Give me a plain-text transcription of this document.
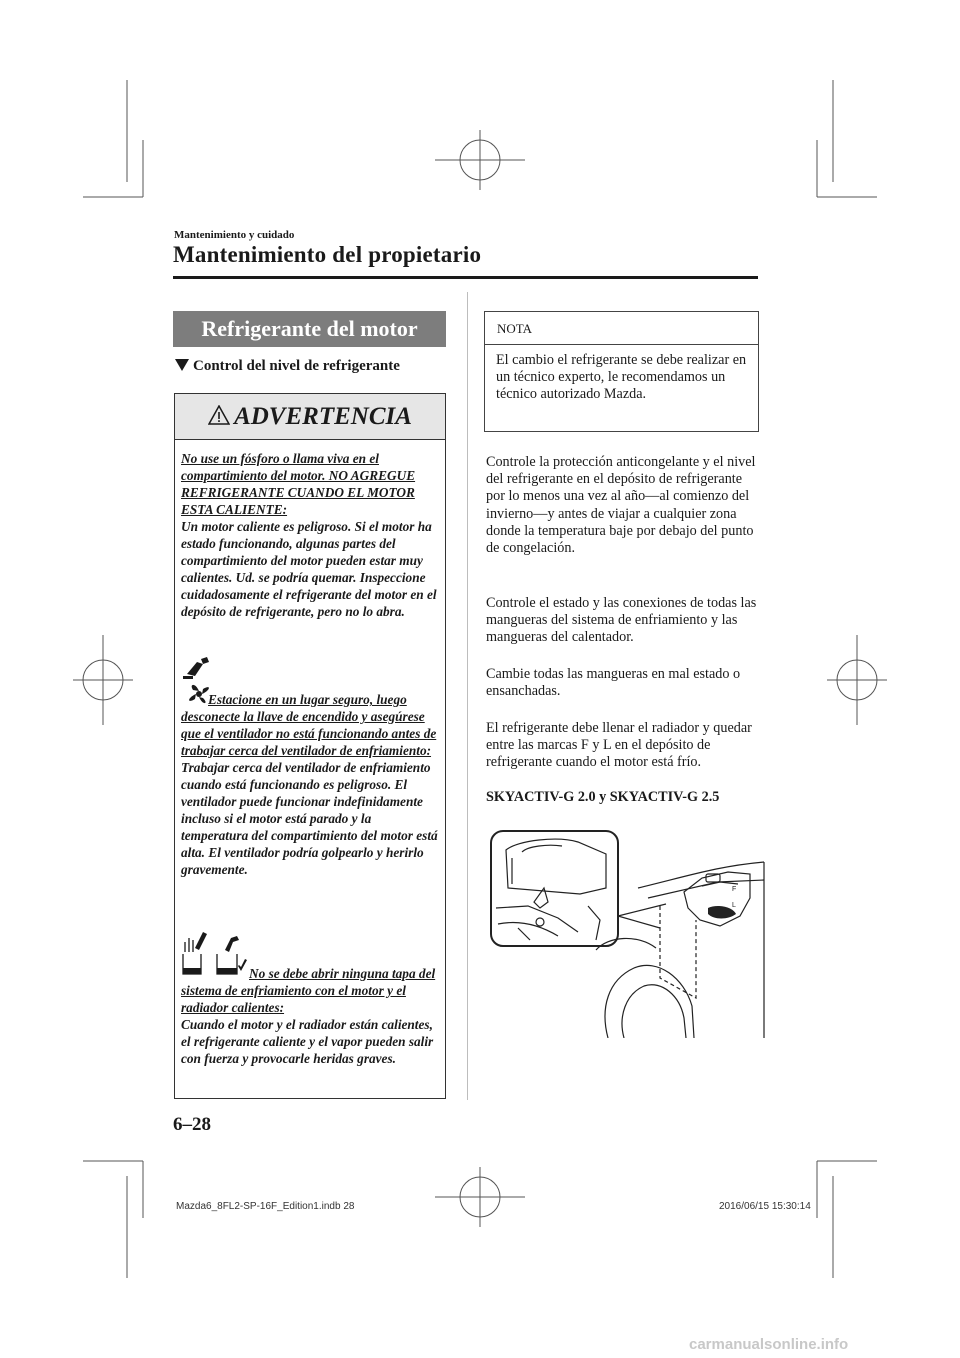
Mantenimiento y cuidado
Mantenimiento del propietario
Refrigerante del motor
Control del nivel de refrigerante
ADVERTENCIA
No use un fósforo o llama viva en el compartimiento del motor. NO AGREGUE REFRIGERANTE CUANDO EL MOTOR ESTA CALIENTE:
Un motor caliente es peligroso. Si el motor ha estado funcionando, algunas partes del compartimiento del motor pueden estar muy calientes. Ud. se podría quemar. Inspeccione cuidadosamente el refrigerante del motor en el depósito de refrigerante, pero no lo abra.
Estacione en un lugar seguro, luego desconecte la llave de encendido y asegúrese que el ventilador no está funcionando antes de trabajar cerca del ventilador de enfriamiento:
Trabajar cerca del ventilador de enfriamiento cuando está funcionando es peligroso. El ventilador puede funcionar indefinidamente incluso si el motor está parado y la temperatura del compartimiento del motor está alta. El ventilador podría golpearlo y herirlo gravemente.
No se debe abrir ninguna tapa del sistema de enfriamiento con el motor y el radiador calientes:
Cuando el motor y el radiador están calientes, el refrigerante caliente y el vapor pueden salir con fuerza y provocarle heridas graves.
NOTA
El cambio el refrigerante se debe realizar en un técnico experto, le recomendamos un técnico autorizado Mazda.
Controle la protección anticongelante y el nivel del refrigerante en el depósito de refrigerante por lo menos una vez al año—al comienzo del invierno—y antes de viajar a cualquier zona donde la temperatura baje por debajo del punto de congelación.
Controle el estado y las conexiones de todas las mangueras del sistema de enfriamiento y las mangueras del calentador.
Cambie todas las mangueras en mal estado o ensanchadas.
El refrigerante debe llenar el radiador y quedar entre las marcas F y L en el depósito de refrigerante cuando el motor está frío.
SKYACTIV-G 2.0 y SKYACTIV-G 2.5
F
L
6–28
Mazda6_8FL2-SP-16F_Edition1.indb 28	2016/06/15 15:30:14
carmanualsonline.info
